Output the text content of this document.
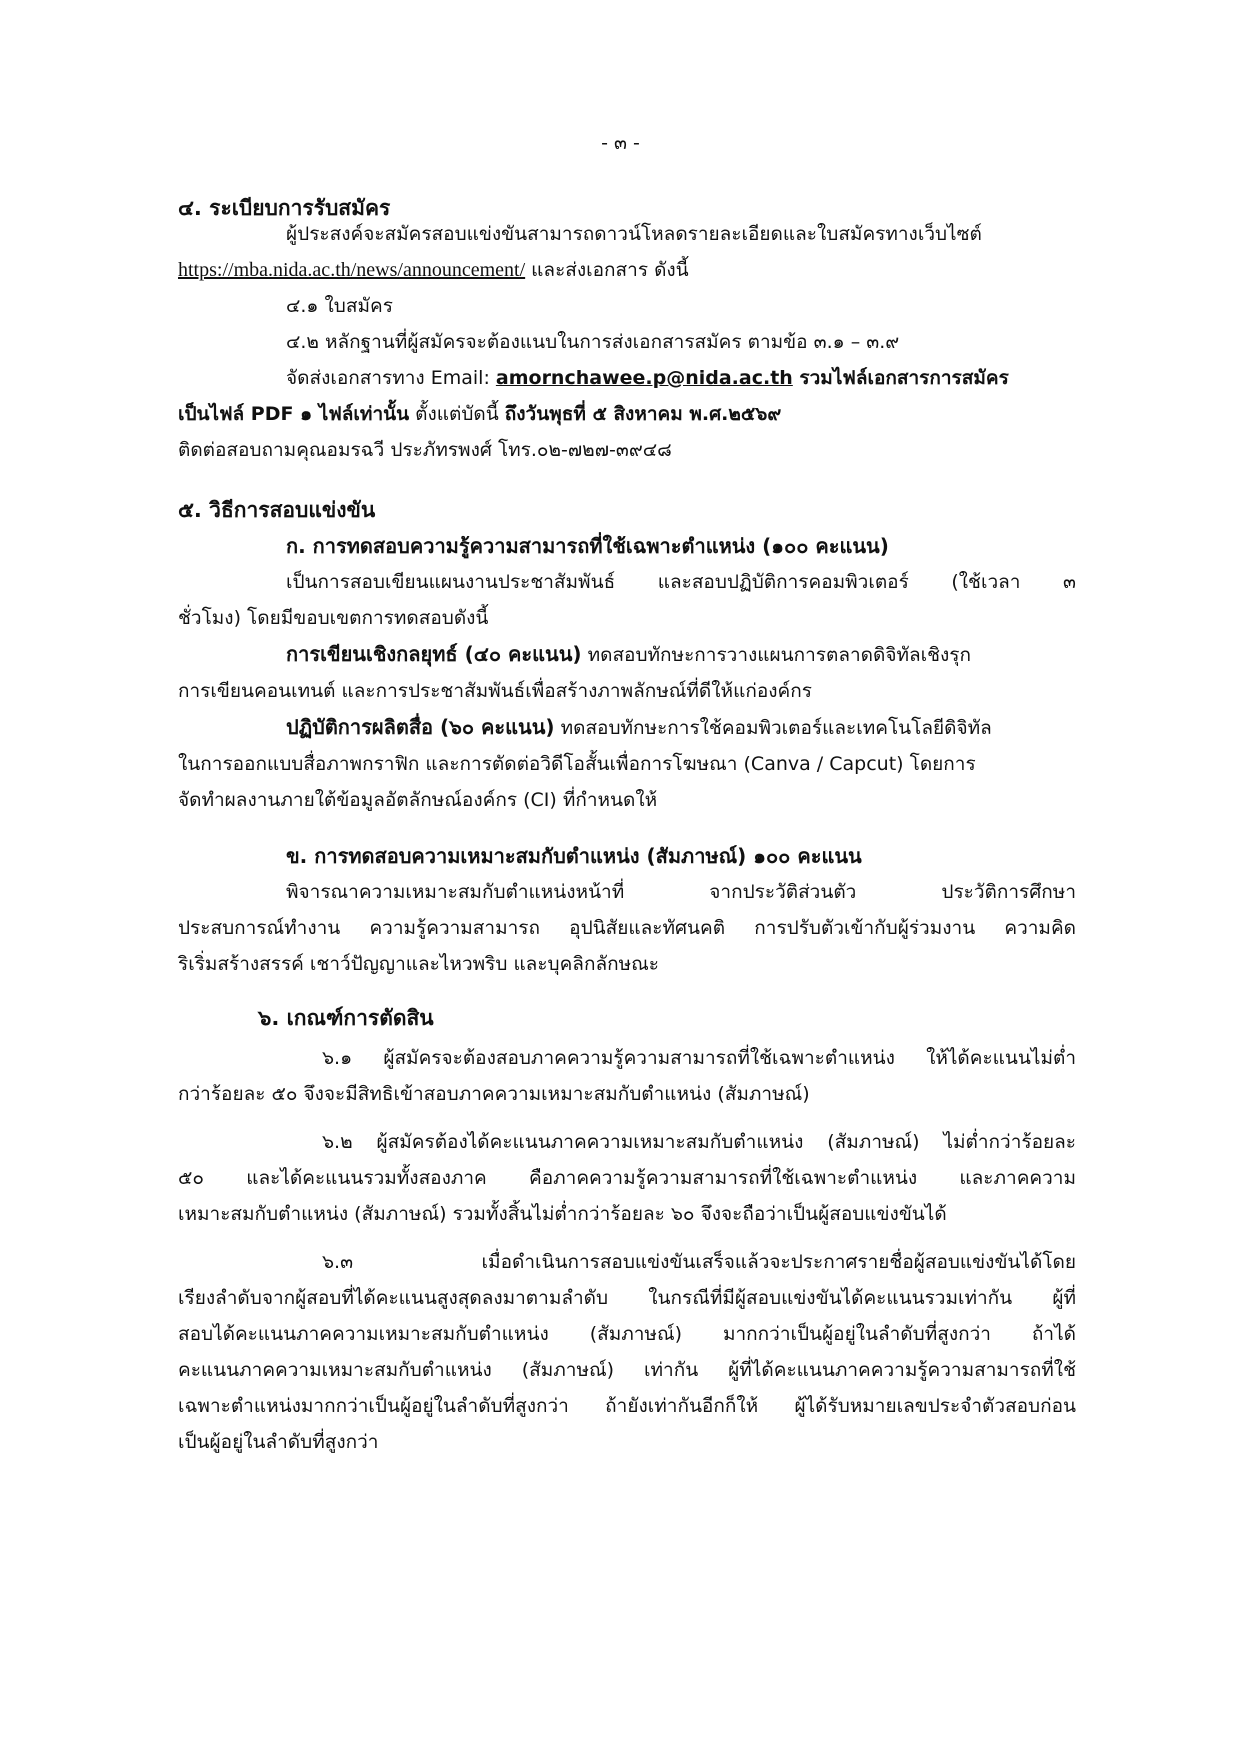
- ๓ -
๔. ระเบียบการรับสมัคร
ผู้ประสงค์จะสมัครสอบแข่งขันสามารถดาวน์โหลดรายละเอียดและใบสมัครทางเว็บไซต์
https://mba.nida.ac.th/news/announcement/ และส่งเอกสาร ดังนี้
๔.๑ ใบสมัคร
๔.๒ หลักฐานที่ผู้สมัครจะต้องแนบในการส่งเอกสารสมัคร ตามข้อ ๓.๑ – ๓.๙
จัดส่งเอกสารทาง Email: amornchawee.p@nida.ac.th รวมไฟล์เอกสารการสมัคร
เป็นไฟล์ PDF ๑ ไฟล์เท่านั้น ตั้งแต่บัดนี้ ถึงวันพุธที่ ๕ สิงหาคม พ.ศ.๒๕๖๙
ติดต่อสอบถามคุณอมรฉวี ประภัทรพงศ์ โทร.๐๒-๗๒๗-๓๙๔๘
๕. วิธีการสอบแข่งขัน
ก. การทดสอบความรู้ความสามารถที่ใช้เฉพาะตำแหน่ง (๑๐๐ คะแนน)
เป็นการสอบเขียนแผนงานประชาสัมพันธ์ และสอบปฏิบัติการคอมพิวเตอร์ (ใช้เวลา ๓
ชั่วโมง) โดยมีขอบเขตการทดสอบดังนี้
การเขียนเชิงกลยุทธ์ (๔๐ คะแนน) ทดสอบทักษะการวางแผนการตลาดดิจิทัลเชิงรุก
การเขียนคอนเทนต์ และการประชาสัมพันธ์เพื่อสร้างภาพลักษณ์ที่ดีให้แก่องค์กร
ปฏิบัติการผลิตสื่อ (๖๐ คะแนน) ทดสอบทักษะการใช้คอมพิวเตอร์และเทคโนโลยีดิจิทัล
ในการออกแบบสื่อภาพกราฟิก และการตัดต่อวิดีโอสั้นเพื่อการโฆษณา (Canva / Capcut) โดยการ
จัดทำผลงานภายใต้ข้อมูลอัตลักษณ์องค์กร (CI) ที่กำหนดให้
ข. การทดสอบความเหมาะสมกับตำแหน่ง (สัมภาษณ์) ๑๐๐ คะแนน
พิจารณาความเหมาะสมกับตำแหน่งหน้าที่ จากประวัติส่วนตัว ประวัติการศึกษา
ประสบการณ์ทำงาน ความรู้ความสามารถ อุปนิสัยและทัศนคติ การปรับตัวเข้ากับผู้ร่วมงาน ความคิด
ริเริ่มสร้างสรรค์ เชาว์ปัญญาและไหวพริบ และบุคลิกลักษณะ
๖. เกณฑ์การตัดสิน
๖.๑ ผู้สมัครจะต้องสอบภาคความรู้ความสามารถที่ใช้เฉพาะตำแหน่ง ให้ได้คะแนนไม่ต่ำ
กว่าร้อยละ ๕๐ จึงจะมีสิทธิเข้าสอบภาคความเหมาะสมกับตำแหน่ง (สัมภาษณ์)
๖.๒ ผู้สมัครต้องได้คะแนนภาคความเหมาะสมกับตำแหน่ง (สัมภาษณ์) ไม่ต่ำกว่าร้อยละ
๕๐ และได้คะแนนรวมทั้งสองภาค คือภาคความรู้ความสามารถที่ใช้เฉพาะตำแหน่ง และภาคความ
เหมาะสมกับตำแหน่ง (สัมภาษณ์) รวมทั้งสิ้นไม่ต่ำกว่าร้อยละ ๖๐ จึงจะถือว่าเป็นผู้สอบแข่งขันได้
๖.๓ เมื่อดำเนินการสอบแข่งขันเสร็จแล้วจะประกาศรายชื่อผู้สอบแข่งขันได้โดย
เรียงลำดับจากผู้สอบที่ได้คะแนนสูงสุดลงมาตามลำดับ ในกรณีที่มีผู้สอบแข่งขันได้คะแนนรวมเท่ากัน ผู้ที่
สอบได้คะแนนภาคความเหมาะสมกับตำแหน่ง (สัมภาษณ์) มากกว่าเป็นผู้อยู่ในลำดับที่สูงกว่า ถ้าได้
คะแนนภาคความเหมาะสมกับตำแหน่ง (สัมภาษณ์) เท่ากัน ผู้ที่ได้คะแนนภาคความรู้ความสามารถที่ใช้
เฉพาะตำแหน่งมากกว่าเป็นผู้อยู่ในลำดับที่สูงกว่า ถ้ายังเท่ากันอีกก็ให้ ผู้ได้รับหมายเลขประจำตัวสอบก่อน
เป็นผู้อยู่ในลำดับที่สูงกว่า
